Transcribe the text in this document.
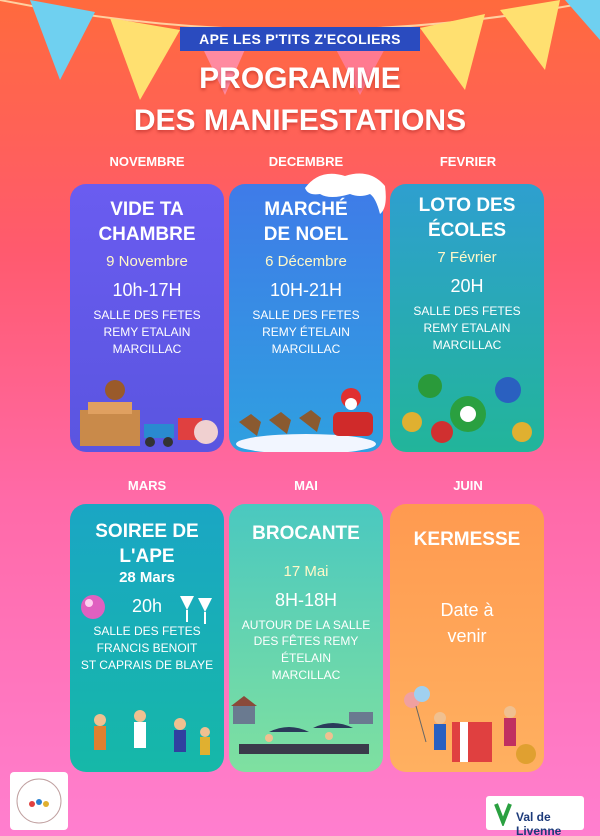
APE LES P'TITS Z'ECOLIERS
PROGRAMME
DES MANIFESTATIONS
NOVEMBRE	DECEMBRE	FEVRIER
VIDE TA
CHAMBRE
9 Novembre
10h-17H
SALLE DES FETES
REMY ETALAIN
MARCILLAC
MARCHÉ
DE NOEL
6 Décembre
10H-21H
SALLE DES FETES
REMY ÉTELAIN
MARCILLAC
LOTO DES
ÉCOLES
7 Février
20H
SALLE DES FETES
REMY ETALAIN
MARCILLAC
MARS	MAI	JUIN
SOIREE DE
L'APE
28 Mars
20h
SALLE DES FETES
FRANCIS BENOIT
ST CAPRAIS DE BLAYE
BROCANTE
17 Mai
8H-18H
AUTOUR DE LA SALLE
DES FÊTES REMY
ÉTELAIN
MARCILLAC
KERMESSE
Date à
venir
Val de Livenne
